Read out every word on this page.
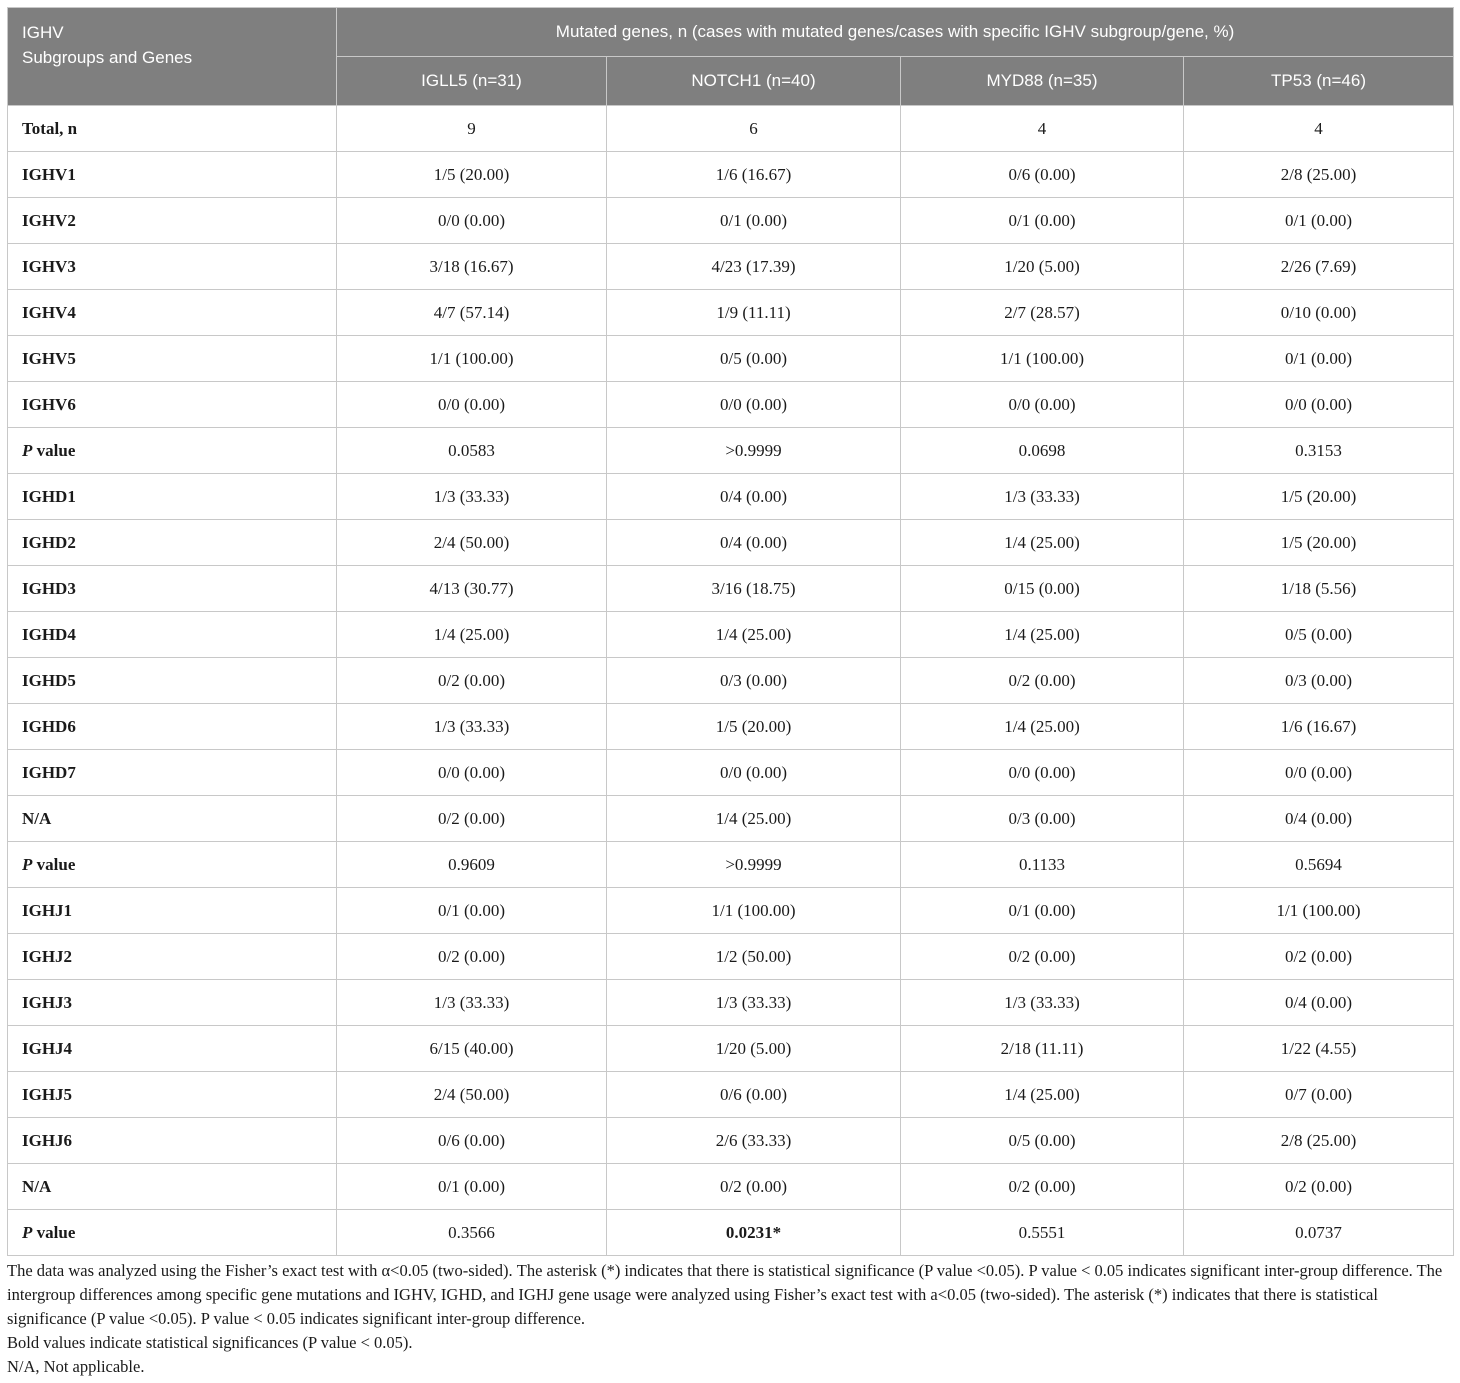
IGHV
Subgroups and Genes	Mutated genes, n (cases with mutated genes/cases with specific IGHV subgroup/gene, %)			
	IGLL5 (n=31)	NOTCH1 (n=40)	MYD88 (n=35)	TP53 (n=46)
Total, n	9	6	4	4
IGHV1	1/5 (20.00)	1/6 (16.67)	0/6 (0.00)	2/8 (25.00)
IGHV2	0/0 (0.00)	0/1 (0.00)	0/1 (0.00)	0/1 (0.00)
IGHV3	3/18 (16.67)	4/23 (17.39)	1/20 (5.00)	2/26 (7.69)
IGHV4	4/7 (57.14)	1/9 (11.11)	2/7 (28.57)	0/10 (0.00)
IGHV5	1/1 (100.00)	0/5 (0.00)	1/1 (100.00)	0/1 (0.00)
IGHV6	0/0 (0.00)	0/0 (0.00)	0/0 (0.00)	0/0 (0.00)
P value	0.0583	>0.9999	0.0698	0.3153
IGHD1	1/3 (33.33)	0/4 (0.00)	1/3 (33.33)	1/5 (20.00)
IGHD2	2/4 (50.00)	0/4 (0.00)	1/4 (25.00)	1/5 (20.00)
IGHD3	4/13 (30.77)	3/16 (18.75)	0/15 (0.00)	1/18 (5.56)
IGHD4	1/4 (25.00)	1/4 (25.00)	1/4 (25.00)	0/5 (0.00)
IGHD5	0/2 (0.00)	0/3 (0.00)	0/2 (0.00)	0/3 (0.00)
IGHD6	1/3 (33.33)	1/5 (20.00)	1/4 (25.00)	1/6 (16.67)
IGHD7	0/0 (0.00)	0/0 (0.00)	0/0 (0.00)	0/0 (0.00)
N/A	0/2 (0.00)	1/4 (25.00)	0/3 (0.00)	0/4 (0.00)
P value	0.9609	>0.9999	0.1133	0.5694
IGHJ1	0/1 (0.00)	1/1 (100.00)	0/1 (0.00)	1/1 (100.00)
IGHJ2	0/2 (0.00)	1/2 (50.00)	0/2 (0.00)	0/2 (0.00)
IGHJ3	1/3 (33.33)	1/3 (33.33)	1/3 (33.33)	0/4 (0.00)
IGHJ4	6/15 (40.00)	1/20 (5.00)	2/18 (11.11)	1/22 (4.55)
IGHJ5	2/4 (50.00)	0/6 (0.00)	1/4 (25.00)	0/7 (0.00)
IGHJ6	0/6 (0.00)	2/6 (33.33)	0/5 (0.00)	2/8 (25.00)
N/A	0/1 (0.00)	0/2 (0.00)	0/2 (0.00)	0/2 (0.00)
P value	0.3566	0.0231*	0.5551	0.0737

The data was analyzed using the Fisher’s exact test with α<0.05 (two-sided). The asterisk (*) indicates that there is statistical significance (P value <0.05). P value < 0.05 indicates significant inter-group difference. The intergroup differences among specific gene mutations and IGHV, IGHD, and IGHJ gene usage were analyzed using Fisher’s exact test with a<0.05 (two-sided). The asterisk (*) indicates that there is statistical significance (P value <0.05). P value < 0.05 indicates significant inter-group difference.

Bold values indicate statistical significances (P value < 0.05).

N/A, Not applicable.
